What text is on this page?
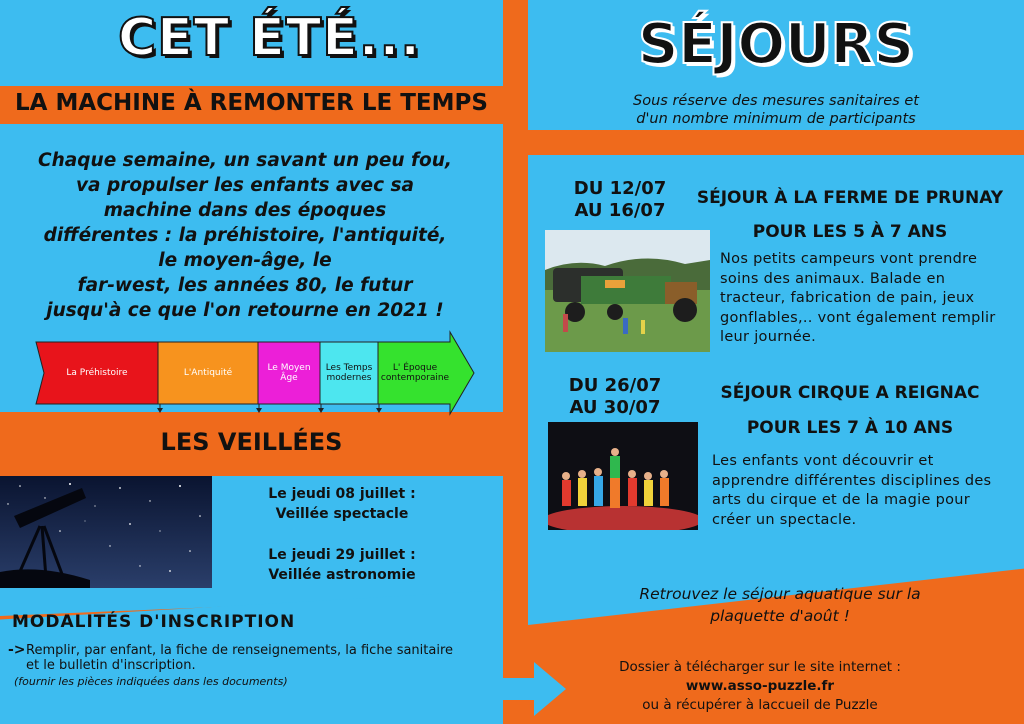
CET ÉTÉ...
LA MACHINE À REMONTER LE TEMPS
Chaque semaine, un savant un peu fou,
va propulser les enfants avec sa
machine dans des époques
différentes : la préhistoire, l'antiquité,
le moyen-âge, le
far-west, les années 80, le futur
jusqu'à ce que l'on retourne en 2021 !
La Préhistoire	L'Antiquité	Le Moyen Âge
Les Temps modernes
L' Époque contemporaine
LES VEILLÉES
Le jeudi 08 juillet :
Veillée spectacle
Le jeudi 29 juillet :
Veillée astronomie
MODALITÉS D'INSCRIPTION
-> Remplir, par enfant, la fiche de renseignements, la fiche sanitaire et le bulletin d'inscription.
(fournir les pièces indiquées dans les documents)
SÉJOURS
Sous réserve des mesures sanitaires et
d'un nombre minimum de participants
DU 12/07
AU 16/07
SÉJOUR À LA FERME DE PRUNAY
POUR LES 5 À 7 ANS
Nos petits campeurs vont prendre soins des animaux. Balade en tracteur, fabrication de pain, jeux gonflables,.. vont également remplir leur journée.
DU 26/07
AU 30/07
SÉJOUR CIRQUE A REIGNAC
POUR LES 7 À 10 ANS
Les enfants vont découvrir et apprendre différentes disciplines des arts du cirque et de la magie pour créer un spectacle.
Retrouvez le séjour aquatique sur la
plaquette d'août !
Dossier à télécharger sur le site internet :
www.asso-puzzle.fr
ou à récupérer à laccueil de Puzzle
